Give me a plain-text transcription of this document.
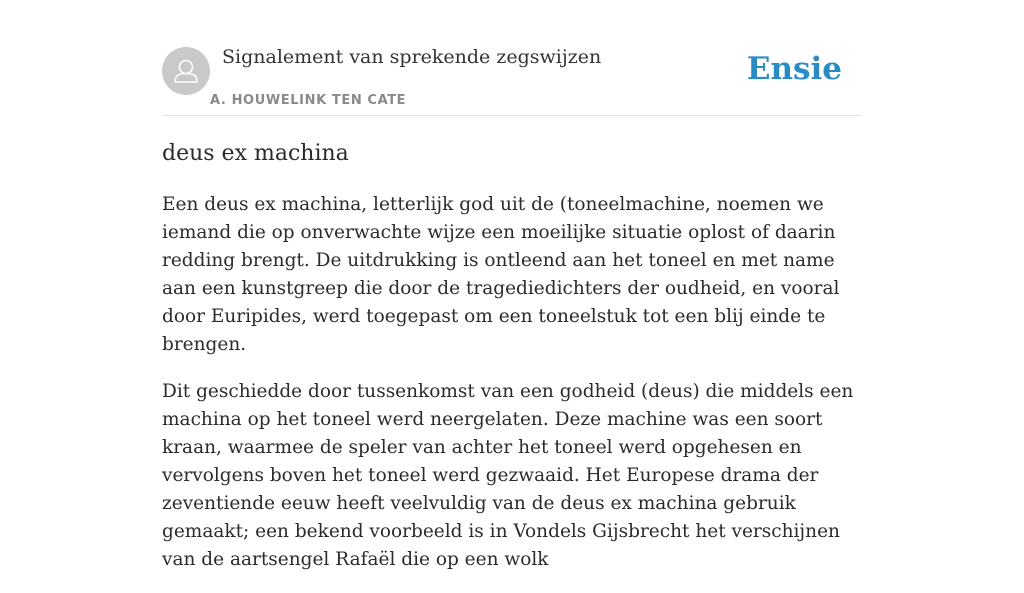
Signalement van sprekende zegswijzen
A. HOUWELINK TEN CATE
Ensie
deus ex machina

Een deus ex machina, letterlijk god uit de (toneelmachine, noemen we iemand die op onverwachte wijze een moeilijke situatie oplost of daarin redding brengt. De uitdrukking is ontleend aan het toneel en met name aan een kunstgreep die door de tragediedichters der oudheid, en vooral door Euripides, werd toegepast om een toneelstuk tot een blij einde te brengen.

Dit geschiedde door tussenkomst van een godheid (deus) die middels een machina op het toneel werd neergelaten. Deze machine was een soort kraan, waarmee de speler van achter het toneel werd opgehesen en vervolgens boven het toneel werd gezwaaid. Het Europese drama der zeventiende eeuw heeft veelvuldig van de deus ex machina gebruik gemaakt; een bekend voorbeeld is in Vondels Gijsbrecht het verschijnen van de aartsengel Rafaël die op een wolk
